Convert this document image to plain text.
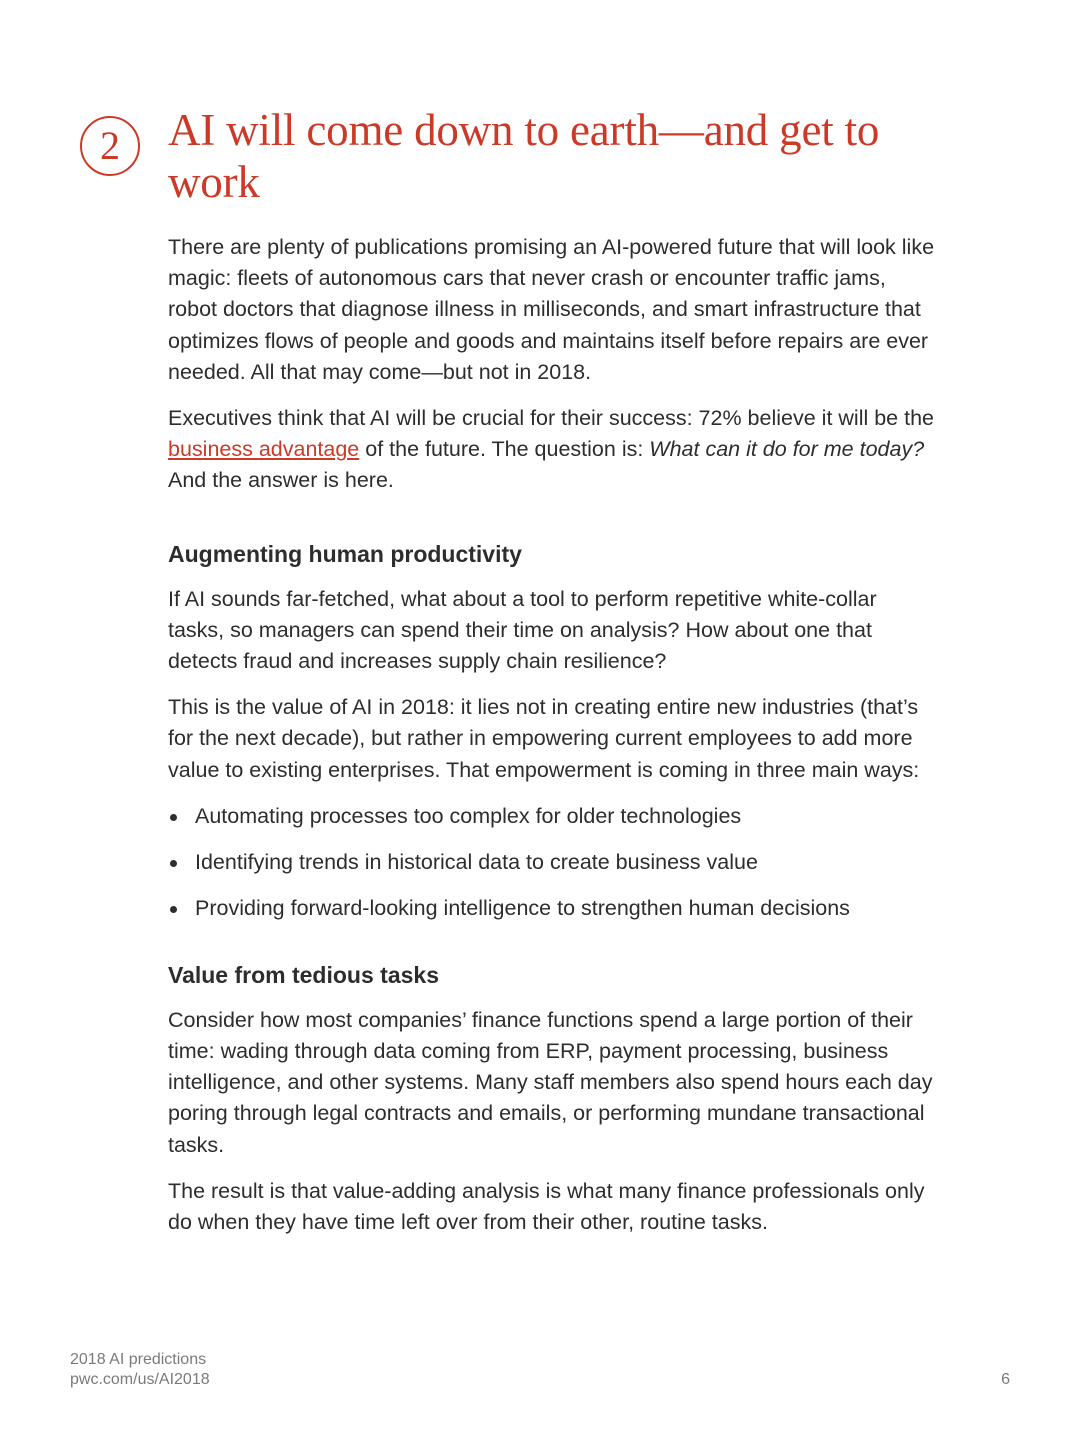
2 AI will come down to earth—and get to work

There are plenty of publications promising an AI-powered future that will look like magic: fleets of autonomous cars that never crash or encounter traffic jams, robot doctors that diagnose illness in milliseconds, and smart infrastructure that optimizes flows of people and goods and maintains itself before repairs are ever needed. All that may come—but not in 2018.

Executives think that AI will be crucial for their success: 72% believe it will be the business advantage of the future. The question is: What can it do for me today? And the answer is here.

Augmenting human productivity

If AI sounds far-fetched, what about a tool to perform repetitive white-collar tasks, so managers can spend their time on analysis? How about one that detects fraud and increases supply chain resilience?

This is the value of AI in 2018: it lies not in creating entire new industries (that’s for the next decade), but rather in empowering current employees to add more value to existing enterprises. That empowerment is coming in three main ways:

Automating processes too complex for older technologies
Identifying trends in historical data to create business value
Providing forward-looking intelligence to strengthen human decisions
Value from tedious tasks

Consider how most companies’ finance functions spend a large portion of their time: wading through data coming from ERP, payment processing, business intelligence, and other systems. Many staff members also spend hours each day poring through legal contracts and emails, or performing mundane transactional tasks.

The result is that value-adding analysis is what many finance professionals only do when they have time left over from their other, routine tasks.

2018 AI predictions
pwc.com/us/AI2018	6
